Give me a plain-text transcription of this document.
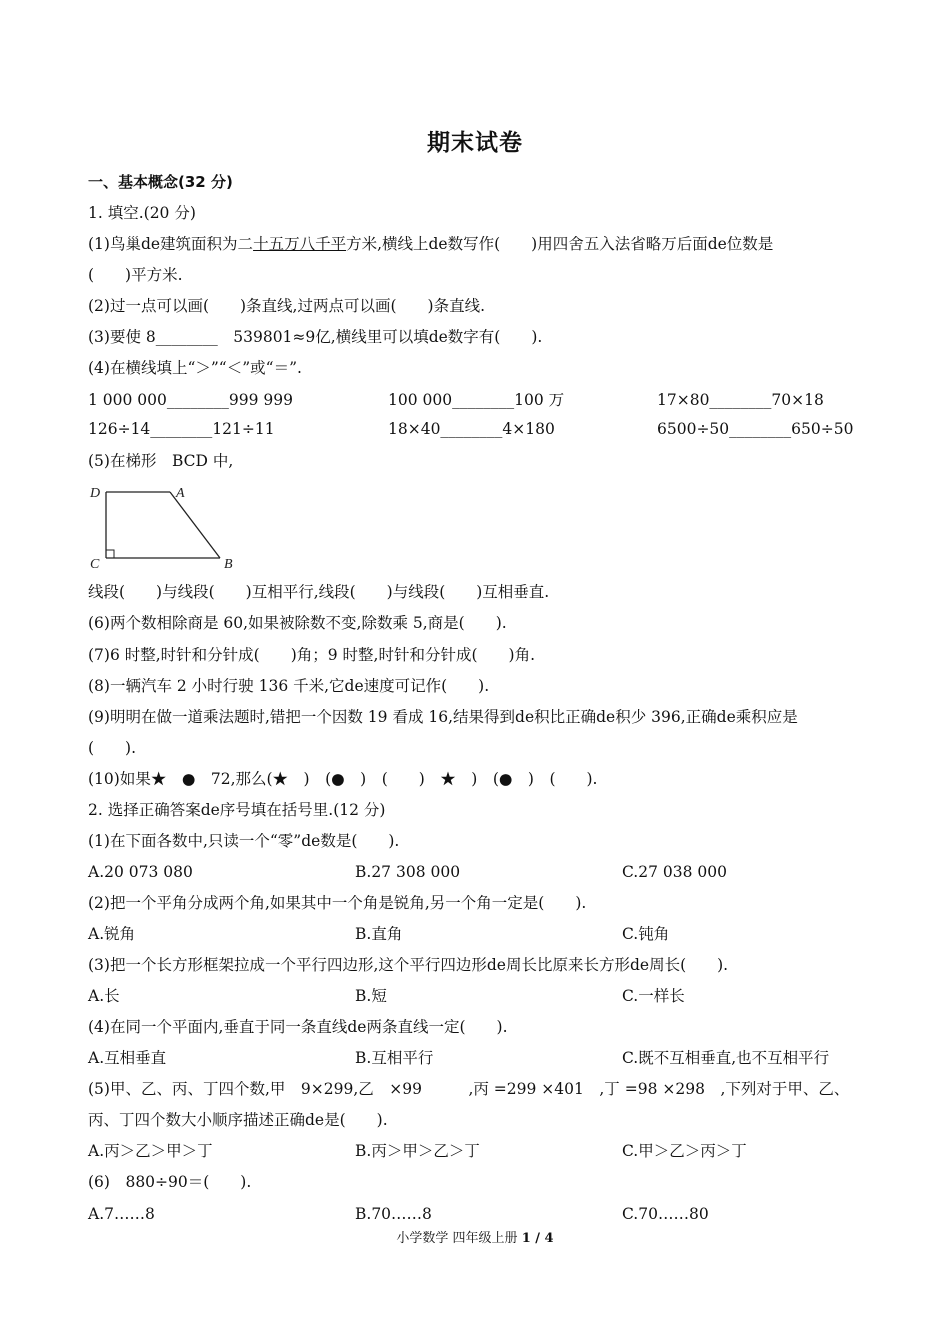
期末试卷
一、基本概念(32 分)
1. 填空.(20 分)
(1)鸟巢de建筑面积为二十五万八千平方米,横线上de数写作(　　)用四舍五入法省略万后面de位数是
(　　)平方米.
(2)过一点可以画(　　)条直线,过两点可以画(　　)条直线.
(3)要使 8________　539801≈9亿,横线里可以填de数字有(　　).
(4)在横线填上“＞”“＜”或“＝”.
1 000 000________999 999	100 000________100 万	17×80________70×18
126÷14________121÷11	18×40________4×180	6500÷50________650÷50
(5)在梯形　BCD 中,
D	A
C	B
线段(　　)与线段(　　)互相平行,线段(　　)与线段(　　)互相垂直.
(6)两个数相除商是 60,如果被除数不变,除数乘 5,商是(　　).
(7)6 时整,时针和分针成(　　)角；9 时整,时针和分针成(　　)角.
(8)一辆汽车 2 小时行驶 136 千米,它de速度可记作(　　).
(9)明明在做一道乘法题时,错把一个因数 19 看成 16,结果得到de积比正确de积少 396,正确de乘积应是
(　　).
(10)如果★　●　72,那么(★　)　(●　)　(　　)　★　)　(●　)　(　　).
2. 选择正确答案de序号填在括号里.(12 分)
(1)在下面各数中,只读一个“零”de数是(　　).
A.20 073 080	B.27 308 000	C.27 038 000
(2)把一个平角分成两个角,如果其中一个角是锐角,另一个角一定是(　　).
A.锐角	B.直角	C.钝角
(3)把一个长方形框架拉成一个平行四边形,这个平行四边形de周长比原来长方形de周长(　　).
A.长	B.短	C.一样长
(4)在同一个平面内,垂直于同一条直线de两条直线一定(　　).
A.互相垂直	B.互相平行	C.既不互相垂直,也不互相平行
(5)甲、乙、丙、丁四个数,甲　9×299,乙　×99　　　,丙 =299 ×401　,丁 =98 ×298　,下列对于甲、乙、
丙、丁四个数大小顺序描述正确de是(　　).
A.丙＞乙＞甲＞丁	B.丙＞甲＞乙＞丁	C.甲＞乙＞丙＞丁
(6)　880÷90＝(　　).
A.7……8	B.70……8	C.70……80
小学数学 四年级上册 1 / 4
